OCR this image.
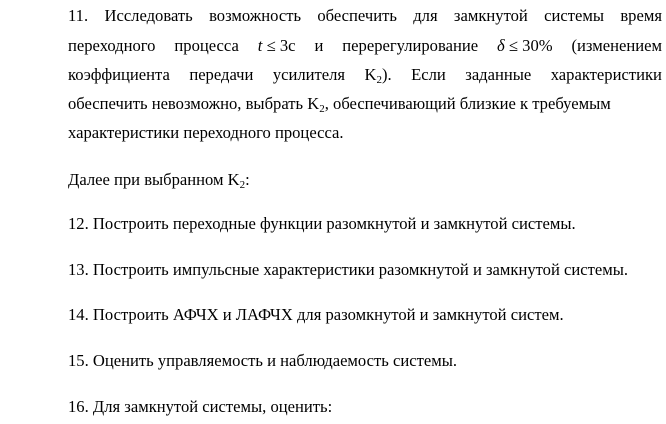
11. Исследовать возможность обеспечить для замкнутой системы время
переходного процесса t ≤ 3с и перерегулирование δ ≤ 30% (изменением
коэффициента передачи усилителя $K_2$). Если заданные характеристики
обеспечить невозможно, выбрать $K_2$, обеспечивающий близкие к требуемым
характеристики переходного процесса.
Далее при выбранном $K_2$:
12. Построить переходные функции разомкнутой и замкнутой системы.
13. Построить импульсные характеристики разомкнутой и замкнутой системы.
14. Построить АФЧХ и ЛАФЧХ для разомкнутой и замкнутой систем.
15. Оценить управляемость и наблюдаемость системы.
16. Для замкнутой системы, оценить:
